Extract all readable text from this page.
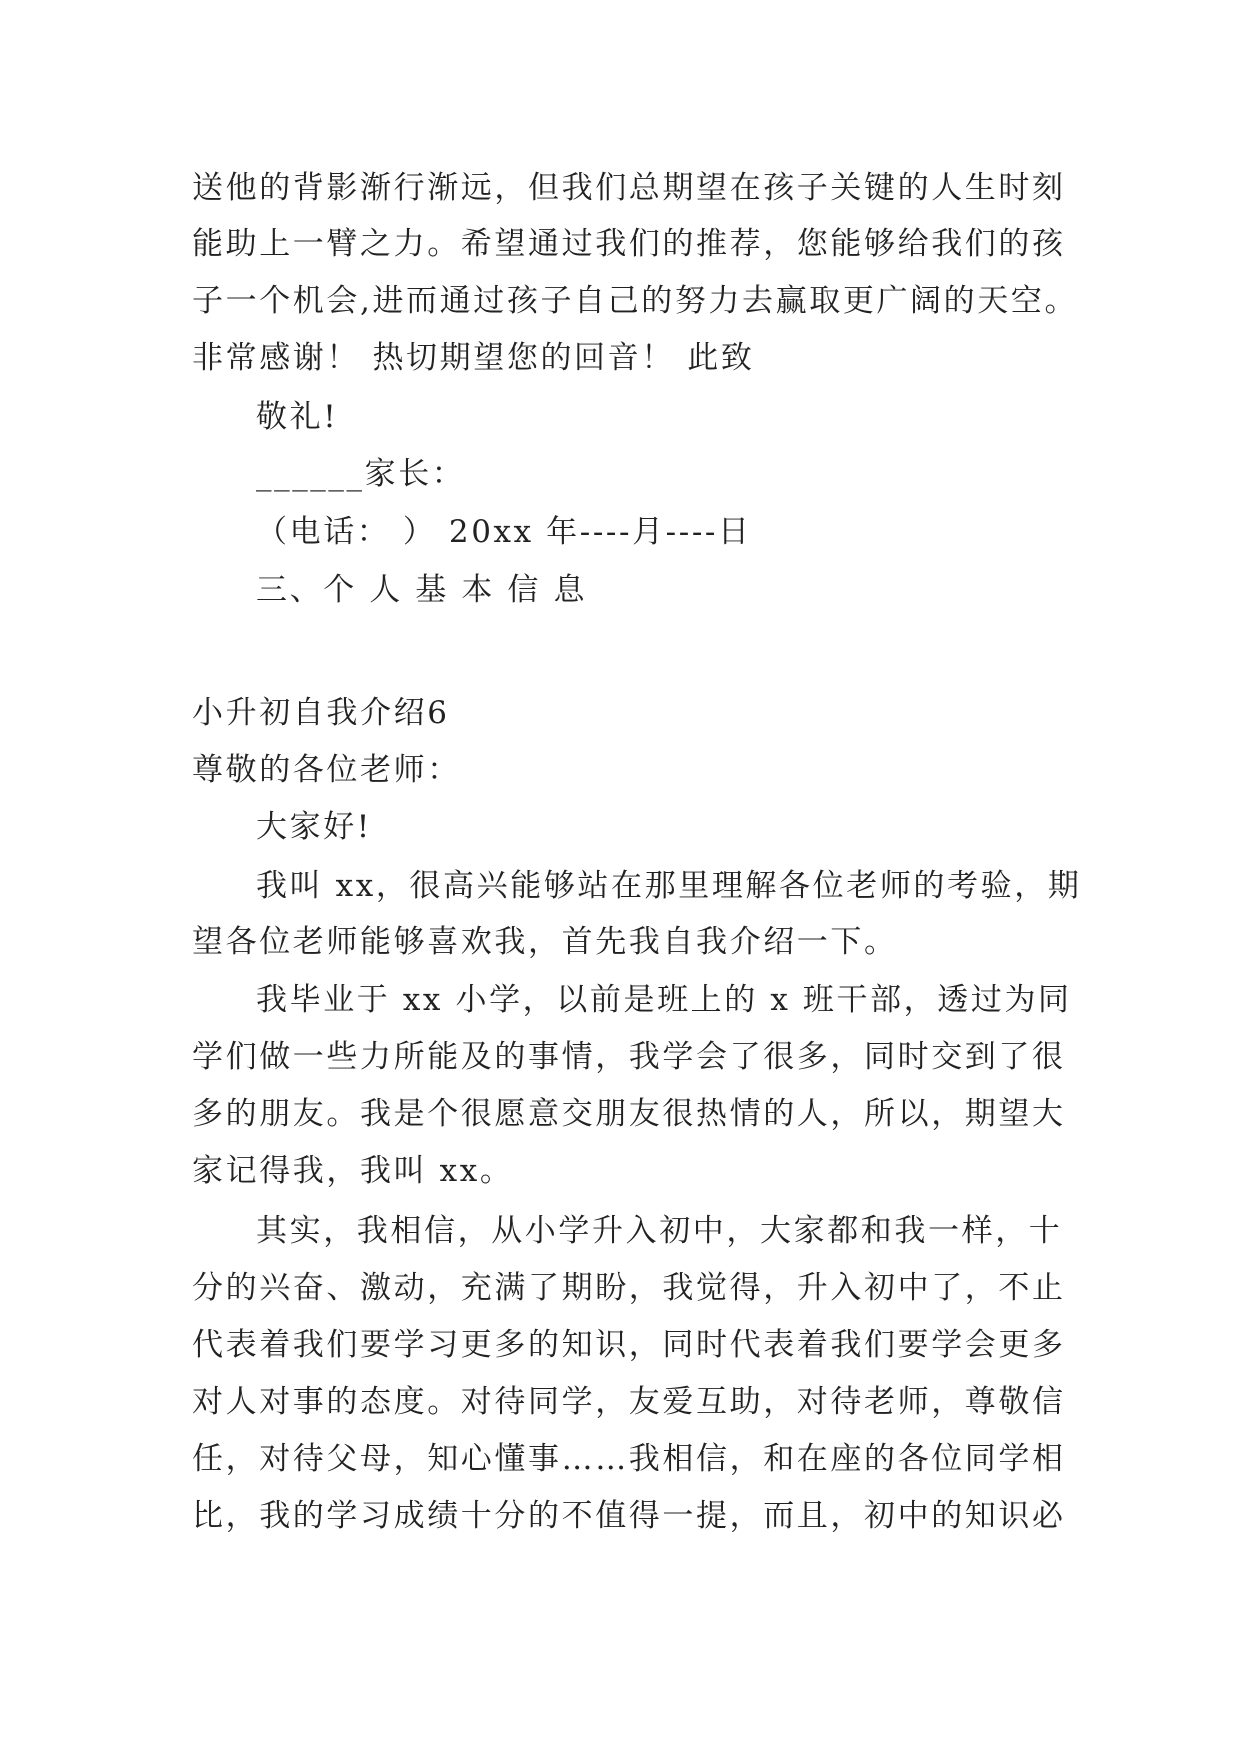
送他的背影渐行渐远，但我们总期望在孩子关键的人生时刻
能助上一臂之力。希望通过我们的推荐，您能够给我们的孩
子一个机会,进而通过孩子自己的努力去赢取更广阔的天空。
非常感谢！ 热切期望您的回音！ 此致
敬礼!
______家长：
（电话： ） 20xx 年----月----日
三、个 人 基 本 信 息
小升初自我介绍6
尊敬的各位老师：
大家好!
我叫 xx，很高兴能够站在那里理解各位老师的考验，期
望各位老师能够喜欢我，首先我自我介绍一下。
我毕业于 xx 小学，以前是班上的 x 班干部，透过为同
学们做一些力所能及的事情，我学会了很多，同时交到了很
多的朋友。我是个很愿意交朋友很热情的人，所以，期望大
家记得我，我叫 xx。
其实，我相信，从小学升入初中，大家都和我一样，十
分的兴奋、激动，充满了期盼，我觉得，升入初中了，不止
代表着我们要学习更多的知识，同时代表着我们要学会更多
对人对事的态度。对待同学，友爱互助，对待老师，尊敬信
任，对待父母，知心懂事……我相信，和在座的各位同学相
比，我的学习成绩十分的不值得一提，而且，初中的知识必
